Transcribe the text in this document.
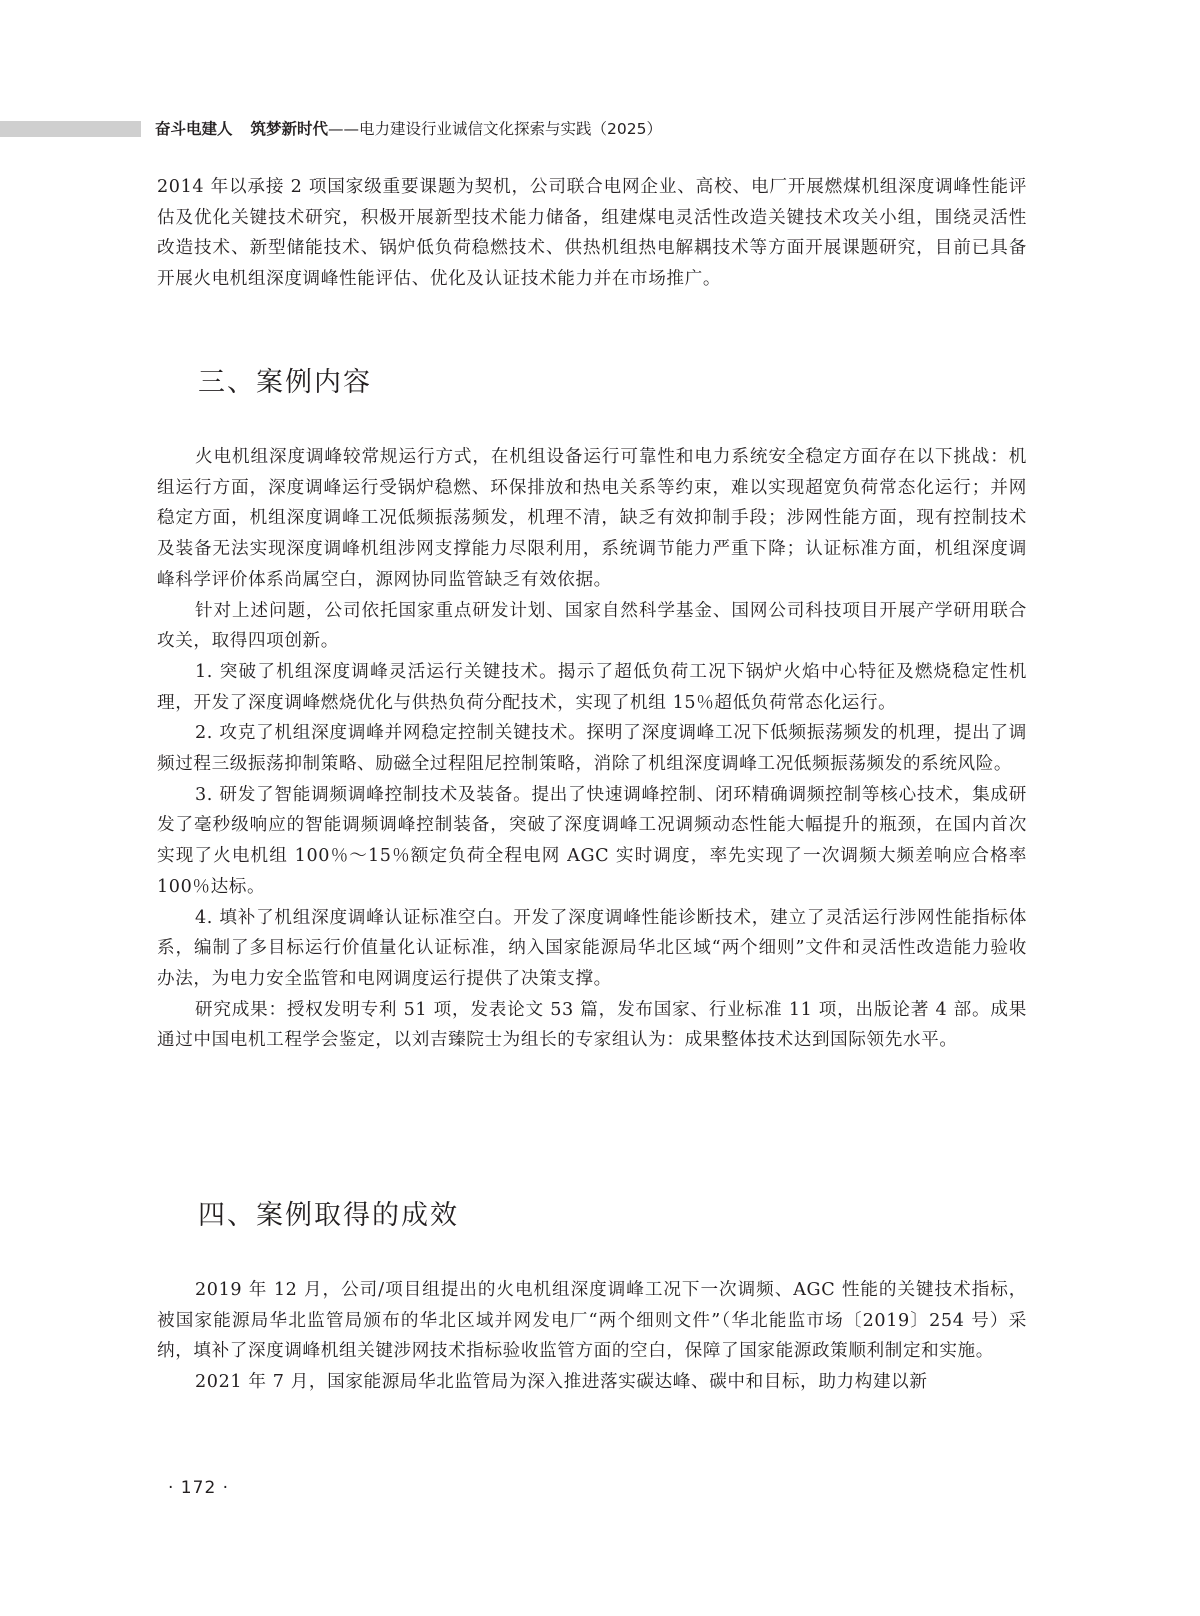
奋斗电建人 筑梦新时代——电力建设行业诚信文化探索与实践（2025）

2014 年以承接 2 项国家级重要课题为契机，公司联合电网企业、高校、电厂开展燃煤机组深度调峰性能评估及优化关键技术研究，积极开展新型技术能力储备，组建煤电灵活性改造关键技术攻关小组，围绕灵活性改造技术、新型储能技术、锅炉低负荷稳燃技术、供热机组热电解耦技术等方面开展课题研究，目前已具备开展火电机组深度调峰性能评估、优化及认证技术能力并在市场推广。

三、案例内容

火电机组深度调峰较常规运行方式，在机组设备运行可靠性和电力系统安全稳定方面存在以下挑战：机组运行方面，深度调峰运行受锅炉稳燃、环保排放和热电关系等约束，难以实现超宽负荷常态化运行；并网稳定方面，机组深度调峰工况低频振荡频发，机理不清，缺乏有效抑制手段；涉网性能方面，现有控制技术及装备无法实现深度调峰机组涉网支撑能力尽限利用，系统调节能力严重下降；认证标准方面，机组深度调峰科学评价体系尚属空白，源网协同监管缺乏有效依据。

针对上述问题，公司依托国家重点研发计划、国家自然科学基金、国网公司科技项目开展产学研用联合攻关，取得四项创新。

1. 突破了机组深度调峰灵活运行关键技术。揭示了超低负荷工况下锅炉火焰中心特征及燃烧稳定性机理，开发了深度调峰燃烧优化与供热负荷分配技术，实现了机组 15％超低负荷常态化运行。

2. 攻克了机组深度调峰并网稳定控制关键技术。探明了深度调峰工况下低频振荡频发的机理，提出了调频过程三级振荡抑制策略、励磁全过程阻尼控制策略，消除了机组深度调峰工况低频振荡频发的系统风险。

3. 研发了智能调频调峰控制技术及装备。提出了快速调峰控制、闭环精确调频控制等核心技术，集成研发了毫秒级响应的智能调频调峰控制装备，突破了深度调峰工况调频动态性能大幅提升的瓶颈，在国内首次实现了火电机组 100％～15％额定负荷全程电网 AGC 实时调度，率先实现了一次调频大频差响应合格率 100％达标。

4. 填补了机组深度调峰认证标准空白。开发了深度调峰性能诊断技术，建立了灵活运行涉网性能指标体系，编制了多目标运行价值量化认证标准，纳入国家能源局华北区域“两个细则”文件和灵活性改造能力验收办法，为电力安全监管和电网调度运行提供了决策支撑。

研究成果：授权发明专利 51 项，发表论文 53 篇，发布国家、行业标准 11 项，出版论著 4 部。成果通过中国电机工程学会鉴定，以刘吉臻院士为组长的专家组认为：成果整体技术达到国际领先水平。

四、案例取得的成效

2019 年 12 月，公司/项目组提出的火电机组深度调峰工况下一次调频、AGC 性能的关键技术指标，被国家能源局华北监管局颁布的华北区域并网发电厂“两个细则文件”（华北能监市场〔2019〕254 号）采纳，填补了深度调峰机组关键涉网技术指标验收监管方面的空白，保障了国家能源政策顺利制定和实施。

2021 年 7 月，国家能源局华北监管局为深入推进落实碳达峰、碳中和目标，助力构建以新

· 172 ·
